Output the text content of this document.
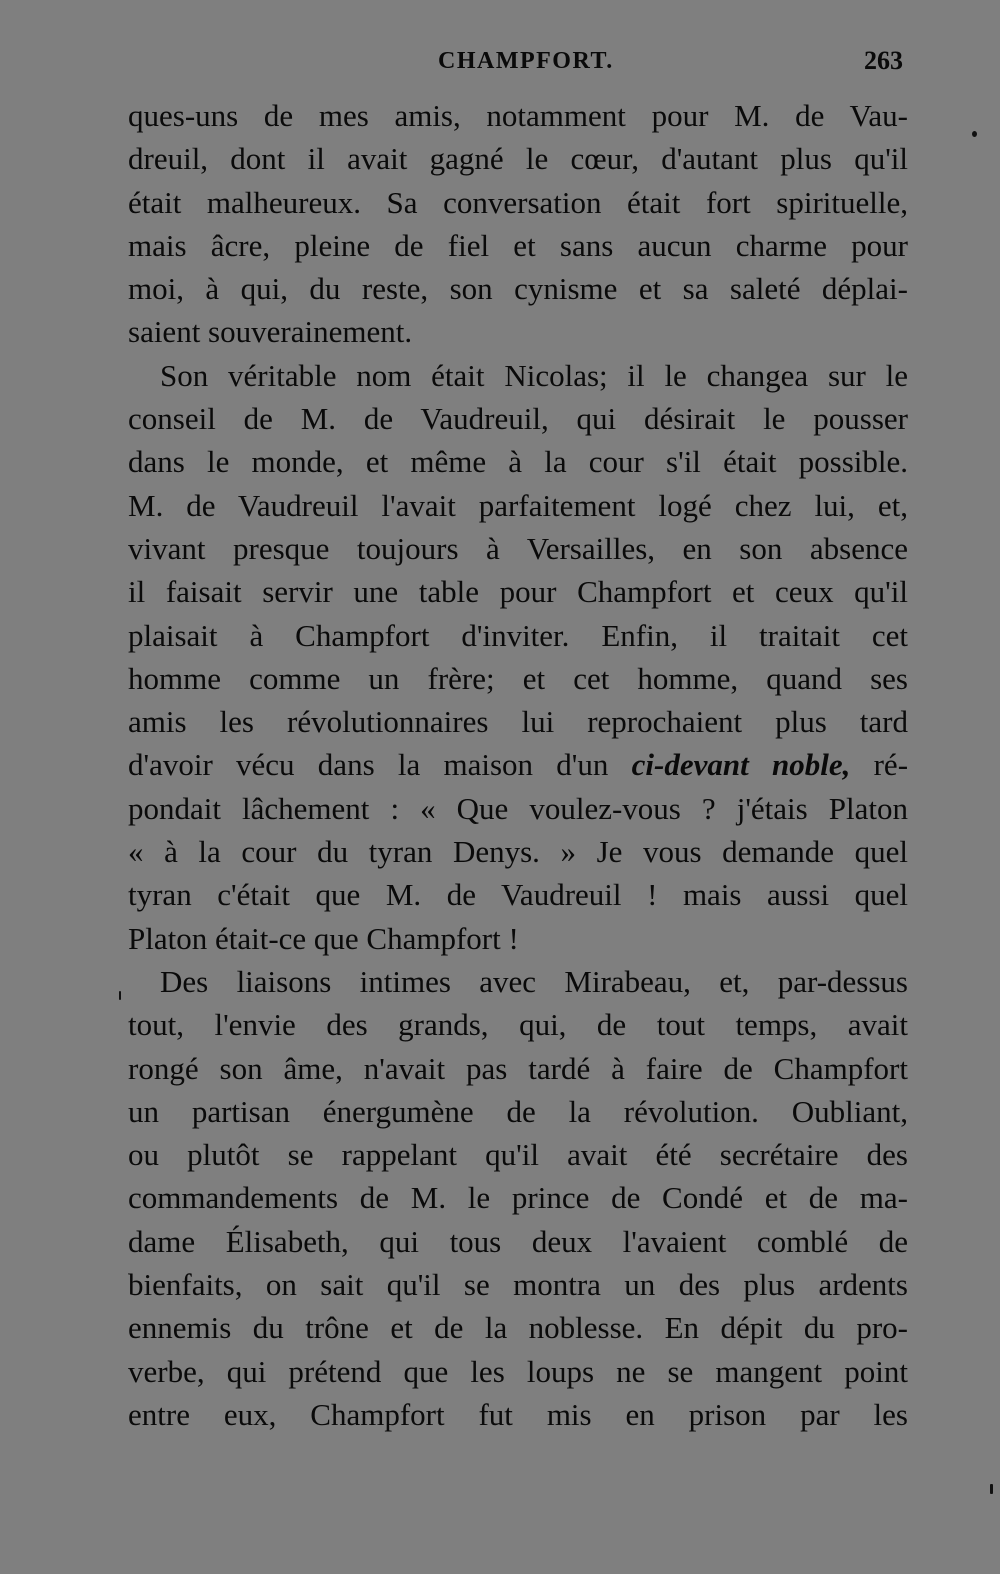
CHAMPFORT.	263
ques-uns de mes amis, notamment pour M. de Vau-
dreuil, dont il avait gagné le cœur, d'autant plus qu'il
était malheureux. Sa conversation était fort spirituelle,
mais âcre, pleine de fiel et sans aucun charme pour
moi, à qui, du reste, son cynisme et sa saleté déplai-
saient souverainement.
Son véritable nom était Nicolas; il le changea sur le
conseil de M. de Vaudreuil, qui désirait le pousser
dans le monde, et même à la cour s'il était possible.
M. de Vaudreuil l'avait parfaitement logé chez lui, et,
vivant presque toujours à Versailles, en son absence
il faisait servir une table pour Champfort et ceux qu'il
plaisait à Champfort d'inviter. Enfin, il traitait cet
homme comme un frère; et cet homme, quand ses
amis les révolutionnaires lui reprochaient plus tard
d'avoir vécu dans la maison d'un ci-devant noble, ré-
pondait lâchement : « Que voulez-vous ? j'étais Platon
« à la cour du tyran Denys. » Je vous demande quel
tyran c'était que M. de Vaudreuil ! mais aussi quel
Platon était-ce que Champfort !
Des liaisons intimes avec Mirabeau, et, par-dessus
tout, l'envie des grands, qui, de tout temps, avait
rongé son âme, n'avait pas tardé à faire de Champfort
un partisan énergumène de la révolution. Oubliant,
ou plutôt se rappelant qu'il avait été secrétaire des
commandements de M. le prince de Condé et de ma-
dame Élisabeth, qui tous deux l'avaient comblé de
bienfaits, on sait qu'il se montra un des plus ardents
ennemis du trône et de la noblesse. En dépit du pro-
verbe, qui prétend que les loups ne se mangent point
entre eux, Champfort fut mis en prison par les
